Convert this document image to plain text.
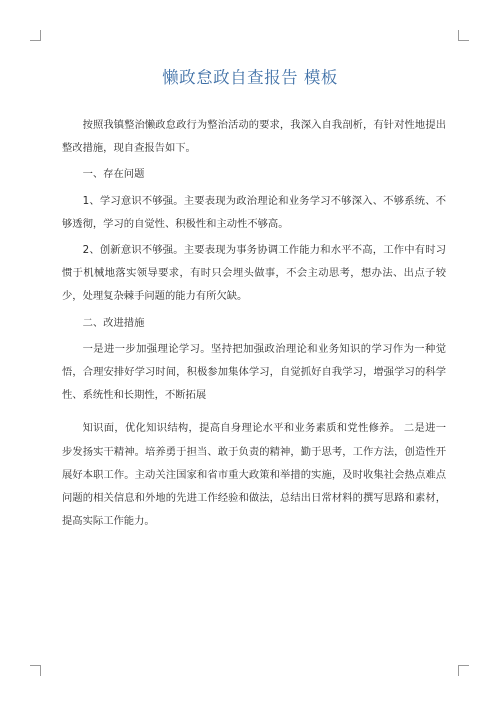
懒政怠政自查报告 模板

按照我镇整治懒政怠政行为整治活动的要求，我深入自我剖析，有针对性地提出整改措施，现自查报告如下。

一、存在问题

1、学习意识不够强。主要表现为政治理论和业务学习不够深入、不够系统、不够透彻，学习的自觉性、积极性和主动性不够高。

2、创新意识不够强。主要表现为事务协调工作能力和水平不高，工作中有时习惯于机械地落实领导要求，有时只会埋头做事，不会主动思考，想办法、出点子较少，处理复杂棘手问题的能力有所欠缺。

二、改进措施

一是进一步加强理论学习。坚持把加强政治理论和业务知识的学习作为一种觉悟，合理安排好学习时间，积极参加集体学习，自觉抓好自我学习，增强学习的科学性、系统性和长期性，不断拓展

知识面，优化知识结构，提高自身理论水平和业务素质和党性修养。 二是进一步发扬实干精神。培养勇于担当、敢于负责的精神，勤于思考，工作方法，创造性开展好本职工作。主动关注国家和省市重大政策和举措的实施，及时收集社会热点难点问题的相关信息和外地的先进工作经验和做法，总结出日常材料的撰写思路和素材，提高实际工作能力。
